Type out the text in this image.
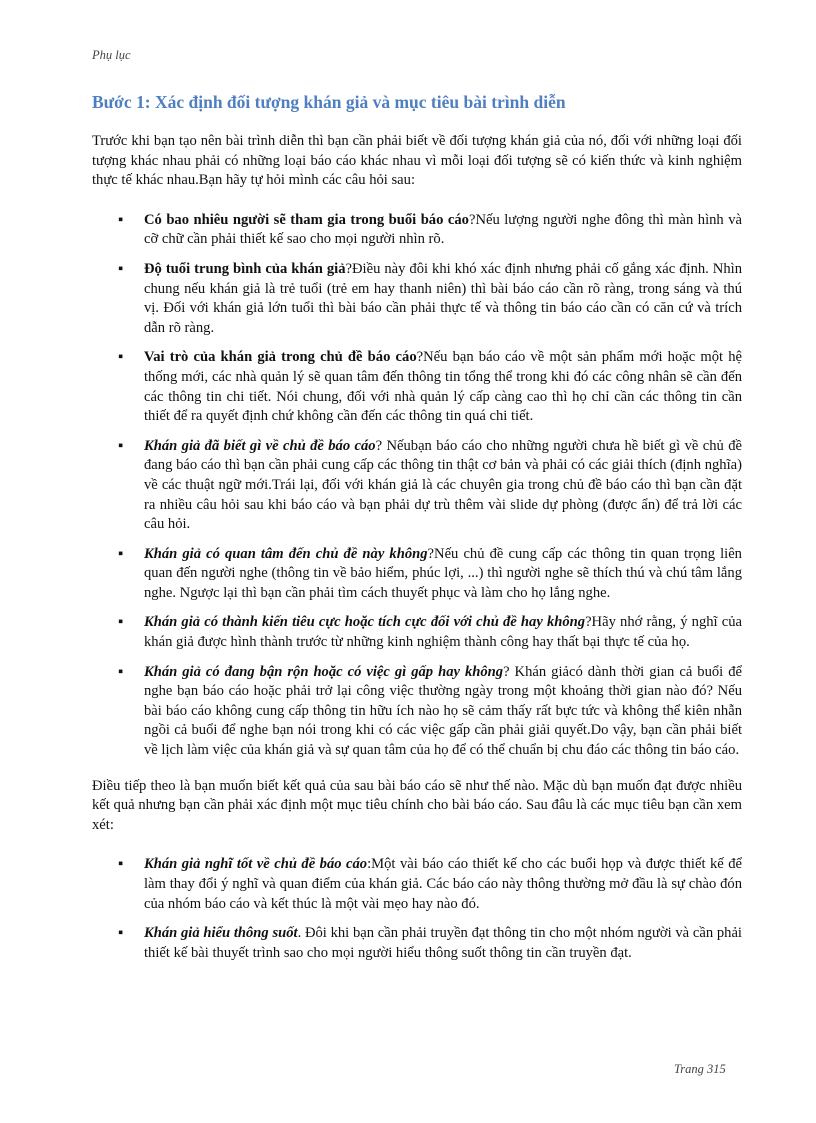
Phụ lục
Bước 1: Xác định đối tượng khán giả và mục tiêu bài trình diễn

Trước khi bạn tạo nên bài trình diễn thì bạn cần phải biết về đối tượng khán giả của nó, đối với những loại đối tượng khác nhau phải có những loại báo cáo khác nhau vì mỗi loại đối tượng sẽ có kiến thức và kinh nghiệm thực tế khác nhau.Bạn hãy tự hỏi mình các câu hỏi sau:

▪ Có bao nhiêu người sẽ tham gia trong buổi báo cáo?Nếu lượng người nghe đông thì màn hình và cỡ chữ cần phải thiết kế sao cho mọi người nhìn rõ.
▪ Độ tuổi trung bình của khán giả?Điều này đôi khi khó xác định nhưng phải cố gắng xác định. Nhìn chung nếu khán giả là trẻ tuổi (trẻ em hay thanh niên) thì bài báo cáo cần rõ ràng, trong sáng và thú vị. Đối với khán giả lớn tuổi thì bài báo cần phải thực tế và thông tin báo cáo cần có căn cứ và trích dẫn rõ ràng.
▪ Vai trò của khán giả trong chủ đề báo cáo?Nếu bạn báo cáo về một sản phẩm mới hoặc một hệ thống mới, các nhà quản lý sẽ quan tâm đến thông tin tổng thể trong khi đó các công nhân sẽ cần đến các thông tin chi tiết. Nói chung, đối với nhà quản lý cấp càng cao thì họ chỉ cần các thông tin cần thiết để ra quyết định chứ không cần đến các thông tin quá chi tiết.
▪ Khán giả đã biết gì về chủ đề báo cáo? Nếubạn báo cáo cho những người chưa hề biết gì về chủ đề đang báo cáo thì bạn cần phải cung cấp các thông tin thật cơ bản và phải có các giải thích (định nghĩa) về các thuật ngữ mới.Trái lại, đối với khán giả là các chuyên gia trong chủ đề báo cáo thì bạn cần đặt ra nhiều câu hỏi sau khi báo cáo và bạn phải dự trù thêm vài slide dự phòng (được ẩn) để trả lời các câu hỏi.
▪ Khán giả có quan tâm đến chủ đề này không?Nếu chủ đề cung cấp các thông tin quan trọng liên quan đến người nghe (thông tin về bảo hiểm, phúc lợi, ...) thì người nghe sẽ thích thú và chú tâm lắng nghe. Ngược lại thì bạn cần phải tìm cách thuyết phục và làm cho họ lắng nghe.
▪ Khán giả có thành kiến tiêu cực hoặc tích cực đối với chủ đề hay không?Hãy nhớ rằng, ý nghĩ của khán giả được hình thành trước từ những kinh nghiệm thành công hay thất bại thực tế của họ.
▪ Khán giả có đang bận rộn hoặc có việc gì gấp hay không? Khán giảcó dành thời gian cả buổi để nghe bạn báo cáo hoặc phải trở lại công việc thường ngày trong một khoảng thời gian nào đó? Nếu bài báo cáo không cung cấp thông tin hữu ích nào họ sẽ cảm thấy rất bực tức và không thể kiên nhẫn ngồi cả buổi để nghe bạn nói trong khi có các việc gấp cần phải giải quyết.Do vậy, bạn cần phải biết về lịch làm việc của khán giả và sự quan tâm của họ để có thể chuẩn bị chu đáo các thông tin báo cáo.

Điều tiếp theo là bạn muốn biết kết quả của sau bài báo cáo sẽ như thế nào. Mặc dù bạn muốn đạt được nhiều kết quả nhưng bạn cần phải xác định một mục tiêu chính cho bài báo cáo. Sau đâu là các mục tiêu bạn cần xem xét:

▪ Khán giả nghĩ tốt về chủ đề báo cáo:Một vài báo cáo thiết kế cho các buổi họp và được thiết kế để làm thay đổi ý nghĩ và quan điểm của khán giả. Các báo cáo này thông thường mở đầu là sự chào đón của nhóm báo cáo và kết thúc là một vài mẹo hay nào đó.
▪ Khán giả hiểu thông suốt. Đôi khi bạn cần phải truyền đạt thông tin cho một nhóm người và cần phải thiết kế bài thuyết trình sao cho mọi người hiểu thông suốt thông tin cần truyền đạt.
Trang 315
